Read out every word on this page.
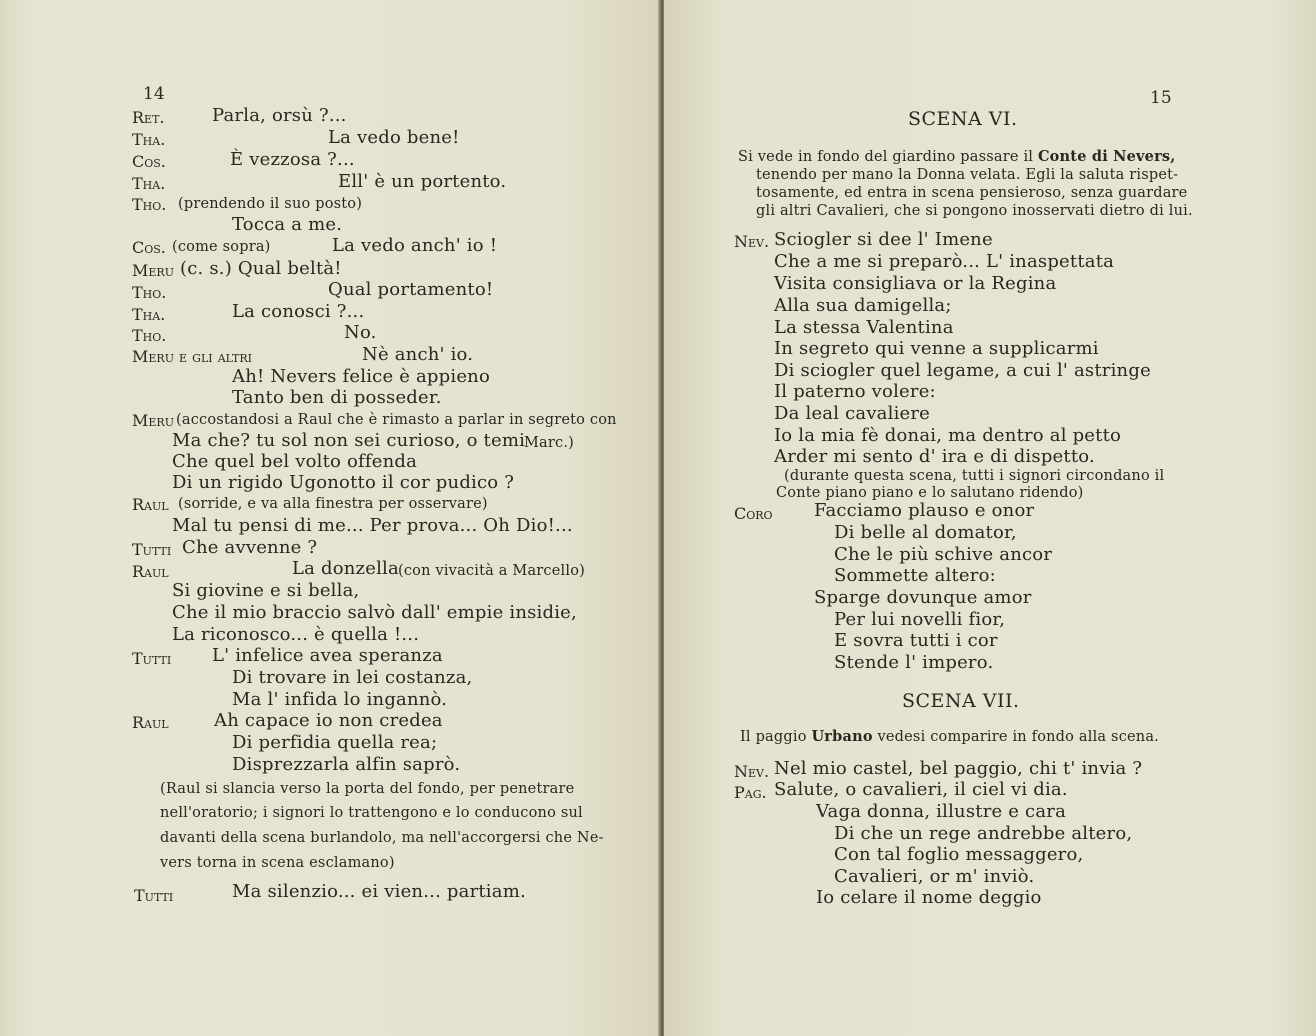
14
Ret.	Parla, orsù ?...
Tha.	La vedo bene!
Cos.	È vezzosa ?...
Tha.	Ell' è un portento.
Tho. (prendendo il suo posto)
Tocca a me.
Cos. (come sopra)	La vedo anch' io !
Meru (c. s.) Qual beltà!
Tho.	Qual portamento!
Tha.	La conosci ?...
Tho.	No.
Meru e gli altri	Nè anch' io.
Ah! Nevers felice è appieno
Tanto ben di posseder.
Meru (accostandosi a Raul che è rimasto a parlar in segreto con
Ma che? tu sol non sei curioso, o temi
Marc.)
Che quel bel volto offenda
Di un rigido Ugonotto il cor pudico ?
Raul (sorride, e va alla finestra per osservare)
Mal tu pensi di me... Per prova... Oh Dio!...
Tutti Che avvenne ?
Raul	La donzella (con vivacità a Marcello)
Si giovine e si bella,
Che il mio braccio salvò dall' empie insidie,
La riconosco... è quella !...
Tutti L' infelice avea speranza
Di trovare in lei costanza,
Ma l' infida lo ingannò.
Raul	Ah capace io non credea
Di perfidia quella rea;
Disprezzarla alfin saprò.
(Raul si slancia verso la porta del fondo, per penetrare
nell'oratorio; i signori lo trattengono e lo conducono sul
davanti della scena burlandolo, ma nell'accorgersi che Ne-
vers torna in scena esclamano)
Tutti	Ma silenzio... ei vien... partiam.
15
SCENA VI.
Si vede in fondo del giardino passare il Conte di Nevers,
tenendo per mano la Donna velata. Egli la saluta rispet-
tosamente, ed entra in scena pensieroso, senza guardare
gli altri Cavalieri, che si pongono inosservati dietro di lui.
Nev. Sciogler si dee l' Imene
Che a me si preparò... L' inaspettata
Visita consigliava or la Regina
Alla sua damigella;
La stessa Valentina
In segreto qui venne a supplicarmi
Di sciogler quel legame, a cui l' astringe
Il paterno volere:
Da leal cavaliere
Io la mia fè donai, ma dentro al petto
Arder mi sento d' ira e di dispetto.
(durante questa scena, tutti i signori circondano il
Conte piano piano e lo salutano ridendo)
Coro Facciamo plauso e onor
Di belle al domator,
Che le più schive ancor
Sommette altero:
Sparge dovunque amor
Per lui novelli fior,
E sovra tutti i cor
Stende l' impero.
SCENA VII.
Il paggio Urbano vedesi comparire in fondo alla scena.
Nev. Nel mio castel, bel paggio, chi t' invia ?
Pag. Salute, o cavalieri, il ciel vi dia.
Vaga donna, illustre e cara
Di che un rege andrebbe altero,
Con tal foglio messaggero,
Cavalieri, or m' inviò.
Io celare il nome deggio
